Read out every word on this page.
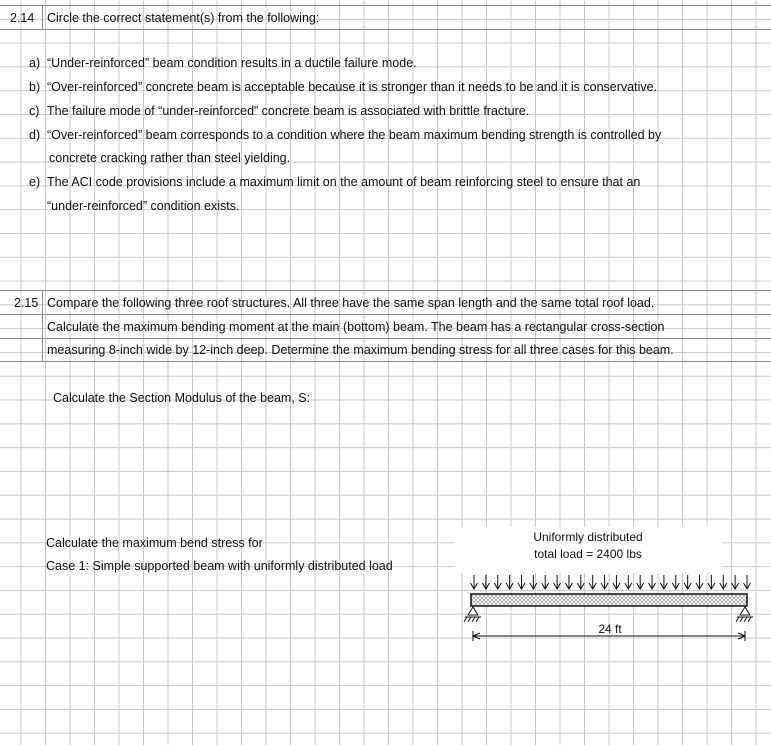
2.14 Circle the correct statement(s) from the following:
a) “Under-reinforced” beam condition results in a ductile failure mode.
b) “Over-reinforced” concrete beam is acceptable because it is stronger than it needs to be and it is conservative.
c) The failure mode of “under-reinforced” concrete beam is associated with brittle fracture.
d) “Over-reinforced” beam corresponds to a condition where the beam maximum bending strength is controlled by
concrete cracking rather than steel yielding.
e) The ACI code provisions include a maximum limit on the amount of beam reinforcing steel to ensure that an
“under-reinforced” condition exists.
2.15 Compare the following three roof structures. All three have the same span length and the same total roof load.
Calculate the maximum bending moment at the main (bottom) beam. The beam has a rectangular cross-section
measuring 8-inch wide by 12-inch deep. Determine the maximum bending stress for all three cases for this beam.
Calculate the Section Modulus of the beam, S:
Calculate the maximum bend stress for
Case 1: Simple supported beam with uniformly distributed load
Uniformly distributed
total load = 2400 lbs
24 ft
